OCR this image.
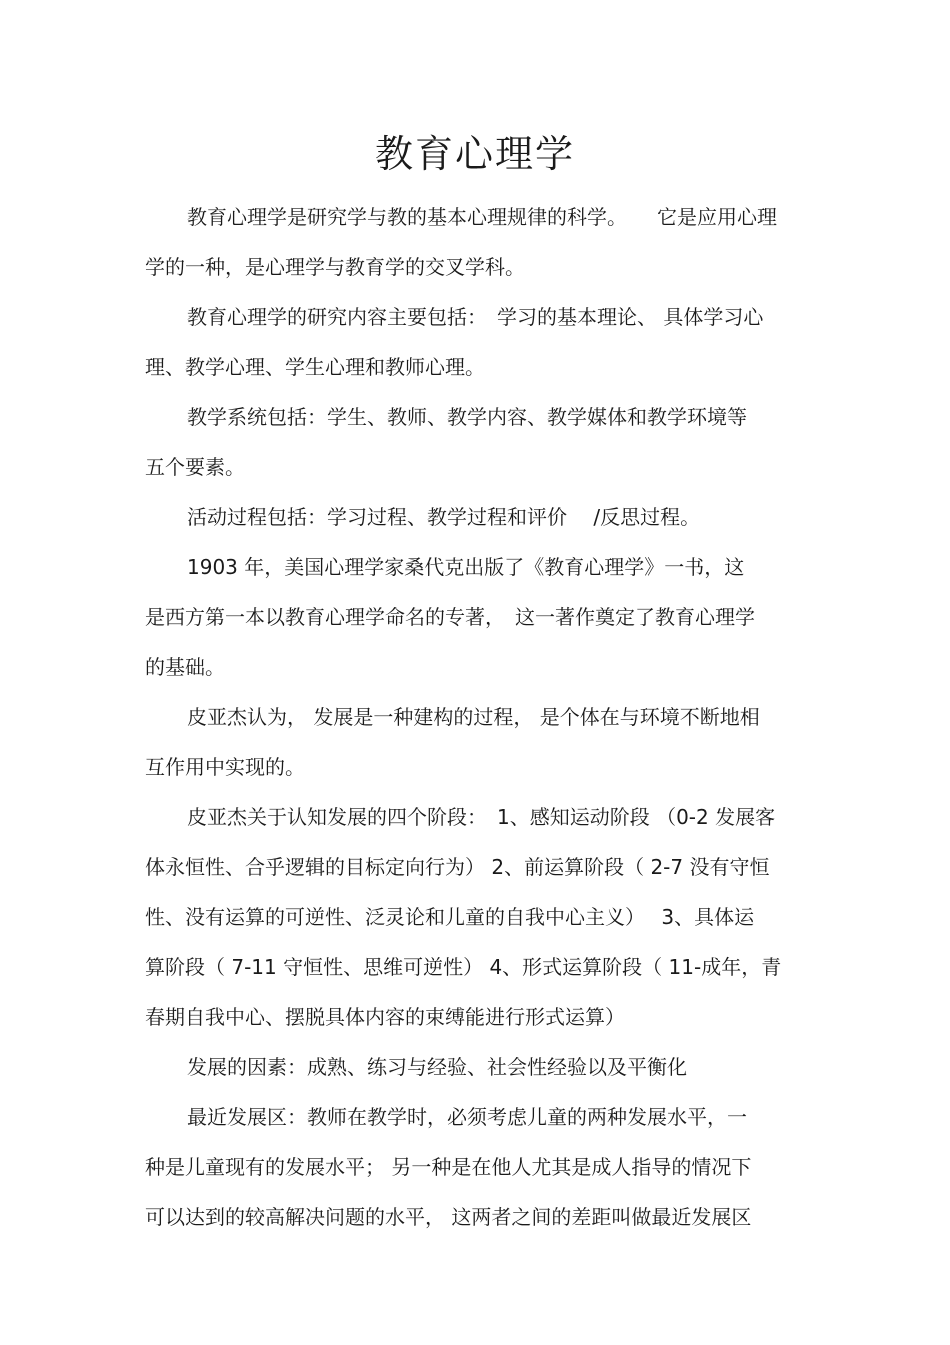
教育心理学
教育心理学是研究学与教的基本心理规律的科学。　　它是应用心理
学的一种，是心理学与教育学的交叉学科。
教育心理学的研究内容主要包括：　学习的基本理论、 具体学习心
理、教学心理、学生心理和教师心理。
教学系统包括：学生、教师、教学内容、教学媒体和教学环境等
五个要素。
活动过程包括：学习过程、教学过程和评价　 /反思过程。
1903 年，美国心理学家桑代克出版了《教育心理学》一书，这
是西方第一本以教育心理学命名的专著，　这一著作奠定了教育心理学
的基础。
皮亚杰认为， 发展是一种建构的过程， 是个体在与环境不断地相
互作用中实现的。
皮亚杰关于认知发展的四个阶段：　1、感知运动阶段 （0-2 发展客
体永恒性、合乎逻辑的目标定向行为） 2、前运算阶段（ 2-7 没有守恒
性、没有运算的可逆性、泛灵论和儿童的自我中心主义）　 3、具体运
算阶段（ 7-11 守恒性、思维可逆性） 4、形式运算阶段（ 11-成年，青
春期自我中心、摆脱具体内容的束缚能进行形式运算）
发展的因素：成熟、练习与经验、社会性经验以及平衡化
最近发展区：教师在教学时，必须考虑儿童的两种发展水平，一
种是儿童现有的发展水平； 另一种是在他人尤其是成人指导的情况下
可以达到的较高解决问题的水平， 这两者之间的差距叫做最近发展区
